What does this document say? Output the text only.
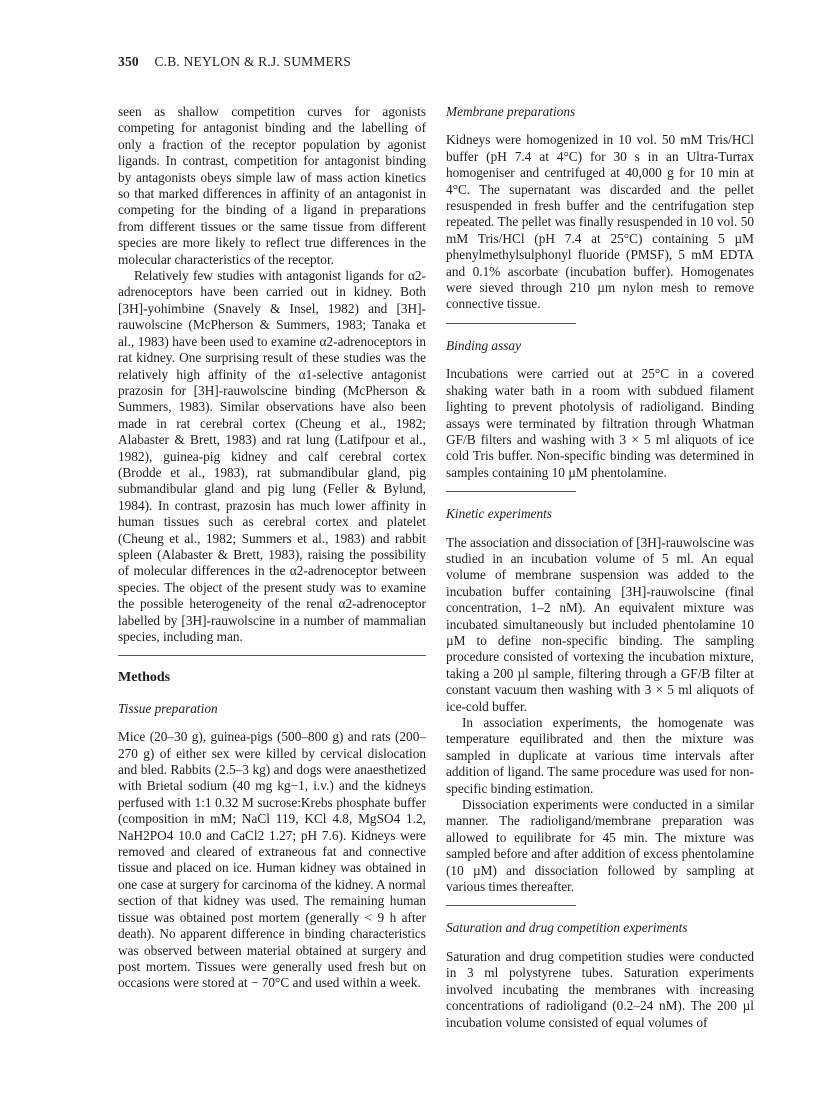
350 C.B. NEYLON & R.J. SUMMERS

seen as shallow competition curves for agonists competing for antagonist binding and the labelling of only a fraction of the receptor population by agonist ligands. In contrast, competition for antagonist binding by antagonists obeys simple law of mass action kinetics so that marked differences in affinity of an antagonist in competing for the binding of a ligand in preparations from different tissues or the same tissue from different species are more likely to reflect true differences in the molecular characteristics of the receptor.

Relatively few studies with antagonist ligands for α2-adrenoceptors have been carried out in kidney. Both [3H]-yohimbine (Snavely & Insel, 1982) and [3H]-rauwolscine (McPherson & Summers, 1983; Tanaka et al., 1983) have been used to examine α2-adrenoceptors in rat kidney. One surprising result of these studies was the relatively high affinity of the α1-selective antagonist prazosin for [3H]-rauwolscine binding (McPherson & Summers, 1983). Similar observations have also been made in rat cerebral cortex (Cheung et al., 1982; Alabaster & Brett, 1983) and rat lung (Latifpour et al., 1982), guinea-pig kidney and calf cerebral cortex (Brodde et al., 1983), rat submandibular gland, pig submandibular gland and pig lung (Feller & Bylund, 1984). In contrast, prazosin has much lower affinity in human tissues such as cerebral cortex and platelet (Cheung et al., 1982; Summers et al., 1983) and rabbit spleen (Alabaster & Brett, 1983), raising the possibility of molecular differences in the α2-adrenoceptor between species. The object of the present study was to examine the possible heterogeneity of the renal α2-adrenoceptor labelled by [3H]-rauwolscine in a number of mammalian species, including man.

Methods
Tissue preparation

Mice (20–30 g), guinea-pigs (500–800 g) and rats (200–270 g) of either sex were killed by cervical dislocation and bled. Rabbits (2.5–3 kg) and dogs were anaesthetized with Brietal sodium (40 mg kg−1, i.v.) and the kidneys perfused with 1:1 0.32 M sucrose:Krebs phosphate buffer (composition in mM; NaCl 119, KCl 4.8, MgSO4 1.2, NaH2PO4 10.0 and CaCl2 1.27; pH 7.6). Kidneys were removed and cleared of extraneous fat and connective tissue and placed on ice. Human kidney was obtained in one case at surgery for carcinoma of the kidney. A normal section of that kidney was used. The remaining human tissue was obtained post mortem (generally < 9 h after death). No apparent difference in binding characteristics was observed between material obtained at surgery and post mortem. Tissues were generally used fresh but on occasions were stored at − 70°C and used within a week.

Membrane preparations

Kidneys were homogenized in 10 vol. 50 mM Tris/HCl buffer (pH 7.4 at 4°C) for 30 s in an Ultra-Turrax homogeniser and centrifuged at 40,000 g for 10 min at 4°C. The supernatant was discarded and the pellet resuspended in fresh buffer and the centrifugation step repeated. The pellet was finally resuspended in 10 vol. 50 mM Tris/HCl (pH 7.4 at 25°C) containing 5 µM phenylmethylsulphonyl fluoride (PMSF), 5 mM EDTA and 0.1% ascorbate (incubation buffer). Homogenates were sieved through 210 µm nylon mesh to remove connective tissue.

Binding assay

Incubations were carried out at 25°C in a covered shaking water bath in a room with subdued filament lighting to prevent photolysis of radioligand. Binding assays were terminated by filtration through Whatman GF/B filters and washing with 3 × 5 ml aliquots of ice cold Tris buffer. Non-specific binding was determined in samples containing 10 µM phentolamine.

Kinetic experiments

The association and dissociation of [3H]-rauwolscine was studied in an incubation volume of 5 ml. An equal volume of membrane suspension was added to the incubation buffer containing [3H]-rauwolscine (final concentration, 1–2 nM). An equivalent mixture was incubated simultaneously but included phentolamine 10 µM to define non-specific binding. The sampling procedure consisted of vortexing the incubation mixture, taking a 200 µl sample, filtering through a GF/B filter at constant vacuum then washing with 3 × 5 ml aliquots of ice-cold buffer.

In association experiments, the homogenate was temperature equilibrated and then the mixture was sampled in duplicate at various time intervals after addition of ligand. The same procedure was used for non-specific binding estimation.

Dissociation experiments were conducted in a similar manner. The radioligand/membrane preparation was allowed to equilibrate for 45 min. The mixture was sampled before and after addition of excess phentolamine (10 µM) and dissociation followed by sampling at various times thereafter.

Saturation and drug competition experiments

Saturation and drug competition studies were conducted in 3 ml polystyrene tubes. Saturation experiments involved incubating the membranes with increasing concentrations of radioligand (0.2–24 nM). The 200 µl incubation volume consisted of equal volumes of
